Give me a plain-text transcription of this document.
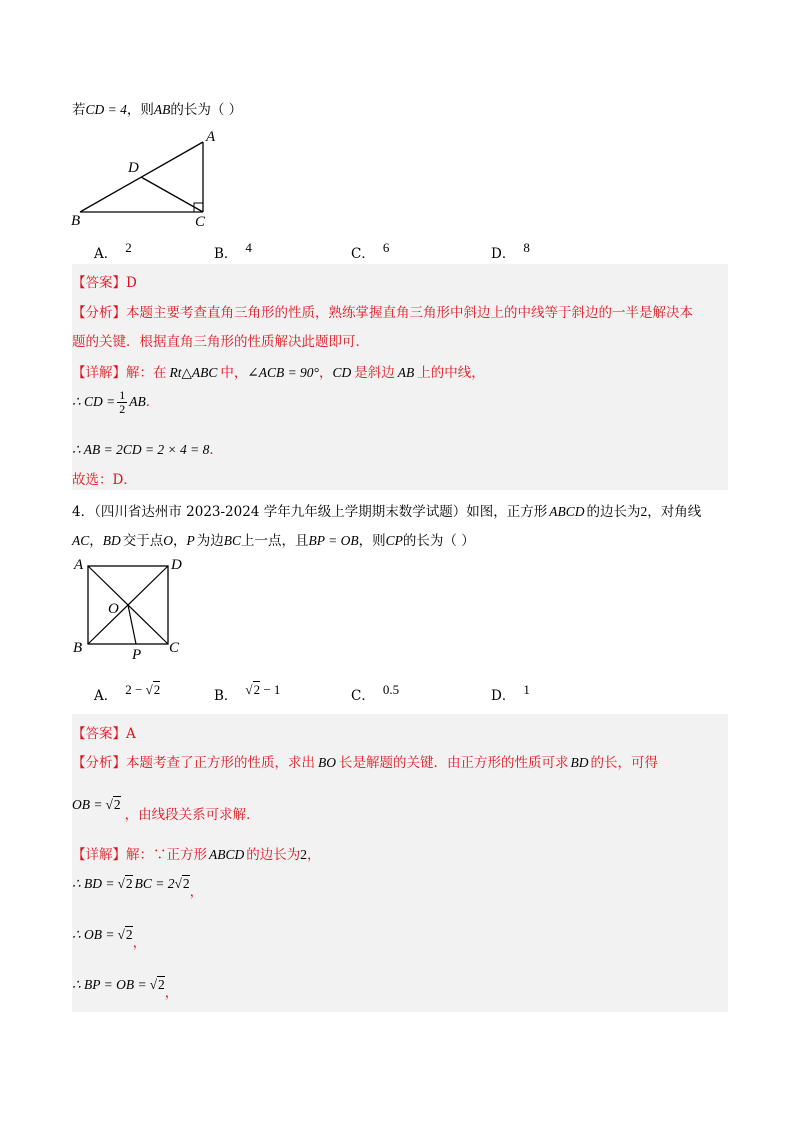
若CD = 4，则AB的长为（ ）
A
B	C
D
A． 2	B． 4	C． 6	D． 8
【答案】D
【分析】本题主要考查直角三角形的性质，熟练掌握直角三角形中斜边上的中线等于斜边的一半是解决本
题的关键．根据直角三角形的性质解决此题即可．
【详解】解：在 Rt△ABC 中，∠ACB = 90°，CD 是斜边 AB 上的中线，
∴ CD = $\frac{1}{2}$ AB．
∴ AB = 2CD = 2 × 4 = 8．
故选：D．
4．（四川省达州市 2023-2024 学年九年级上学期期末数学试题）如图，正方形 ABCD 的边长为2，对角线
AC，BD 交于点O，P 为边BC上一点，且BP = OB，则CP的长为（ ）
A	D
B	C
O
P
A． 2 − √2	B． √2 − 1	C． 0.5	D． 1
【答案】A
【分析】本题考查了正方形的性质，求出 BO 长是解题的关键．由正方形的性质可求 BD 的长，可得
OB = √2，由线段关系可求解．
【详解】解：∵正方形 ABCD 的边长为2，
∴ BD = √2 BC = 2√2，
∴ OB = √2，
∴ BP = OB = √2，
